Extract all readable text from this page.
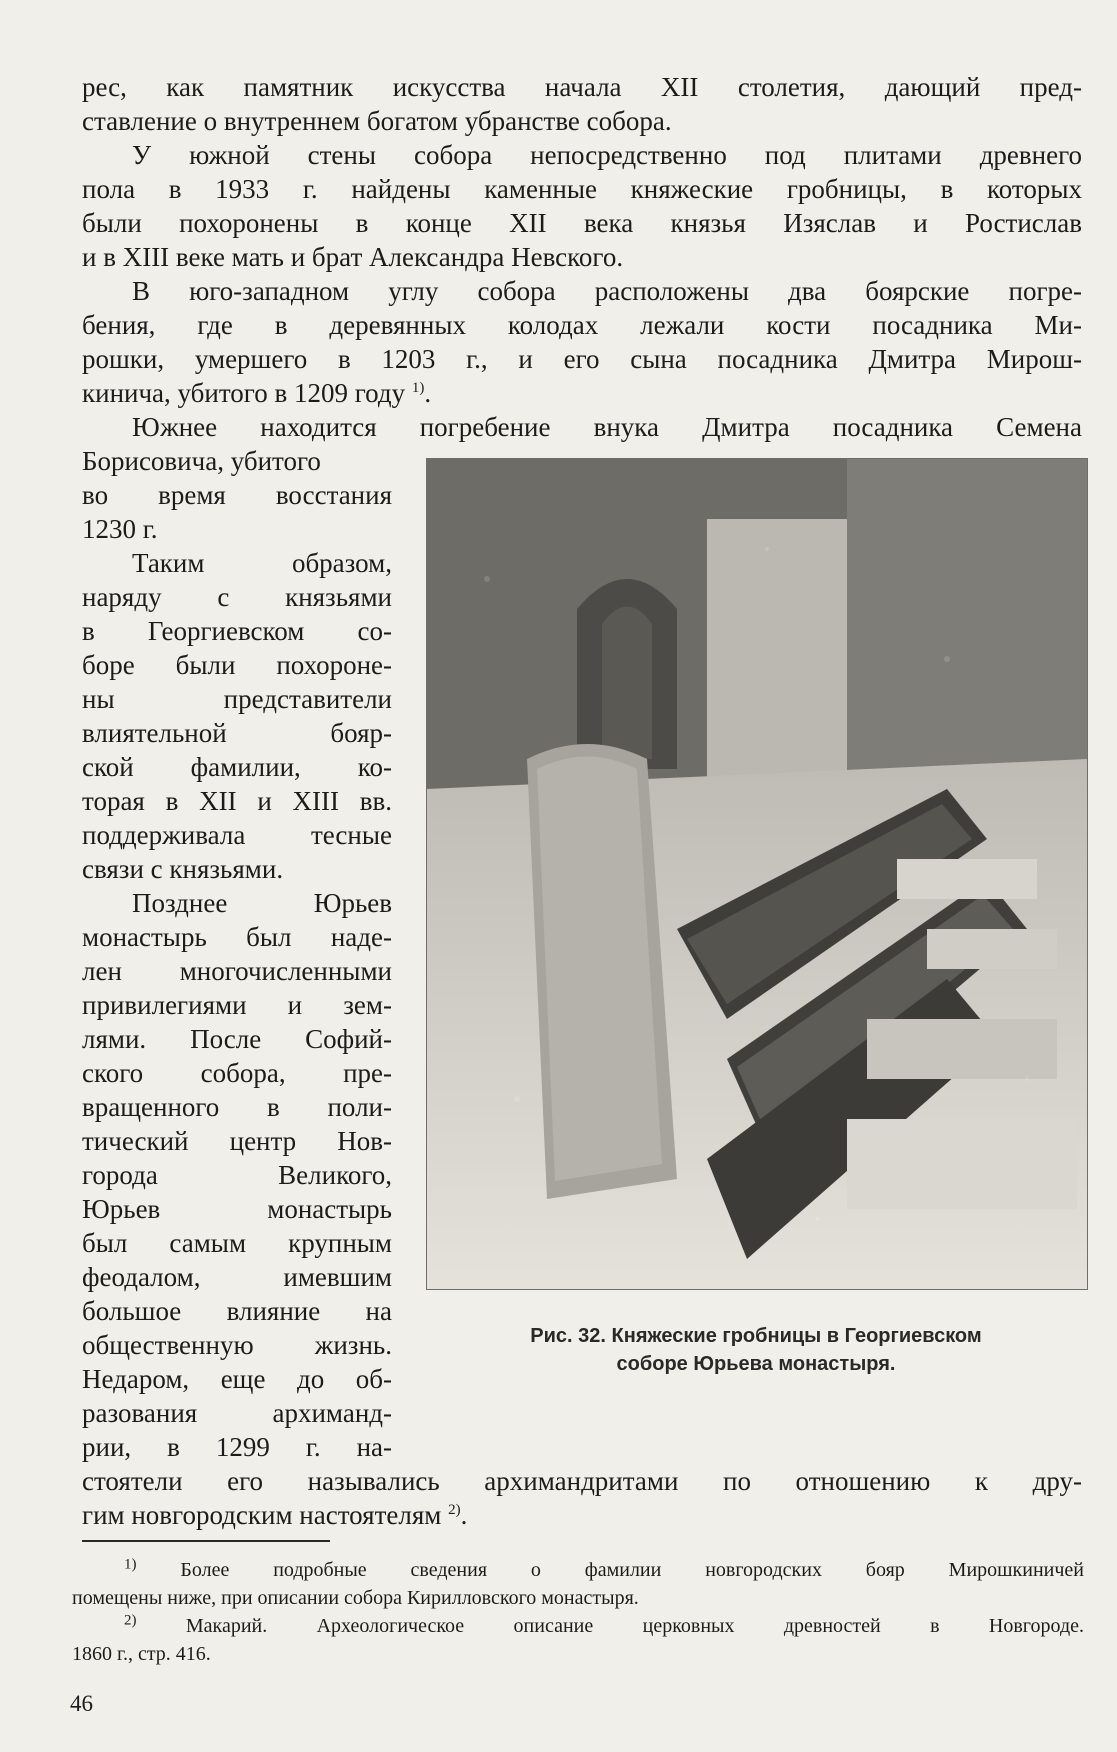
рес, как памятник искусства начала XII столетия, дающий пред-
ставление о внутреннем богатом убранстве собора.
У южной стены собора непосредственно под плитами древнего
пола в 1933 г. найдены каменные княжеские гробницы, в которых
были похоронены в конце XII века князья Изяслав и Ростислав
и в XIII веке мать и брат Александра Невского.
В юго-западном углу собора расположены два боярские погре-
бения, где в деревянных колодах лежали кости посадника Ми-
рошки, умершего в 1203 г., и его сына посадника Дмитра Мирош-
кинича, убитого в 1209 году $^{1)}$.
Южнее находится погребение внука Дмитра посадника Семена
Борисовича, убитого
во время восстания
1230 г.
Таким образом,
наряду с князьями
в Георгиевском со-
боре были похороне-
ны представители
влиятельной бояр-
ской фамилии, ко-
торая в XII и XIII вв.
поддерживала тесные
связи с князьями.
Позднее Юрьев
монастырь был наде-
лен многочисленными
привилегиями и зем-
лями. После Софий-
ского собора, пре-
вращенного в поли-
тический центр Нов-
города Великого,
Юрьев монастырь
был самым крупным
феодалом, имевшим
большое влияние на
общественную жизнь.
Недаром, еще до об-
разования архиманд-
рии, в 1299 г. на-
стоятели его назывались архимандритами по отношению к дру-
Рис. 32. Княжеские гробницы в Георгиевском
соборе Юрьева монастыря.
$^{1)}$ Более подробные сведения о фамилии новгородских бояр Мирошкиничей
помещены ниже, при описании собора Кирилловского монастыря.
$^{2)}$ Макарий. Археологическое описание церковных древностей в Новгороде.
1860 г., стр. 416.
46
гим новгородским настоятелям $^{2)}$.
